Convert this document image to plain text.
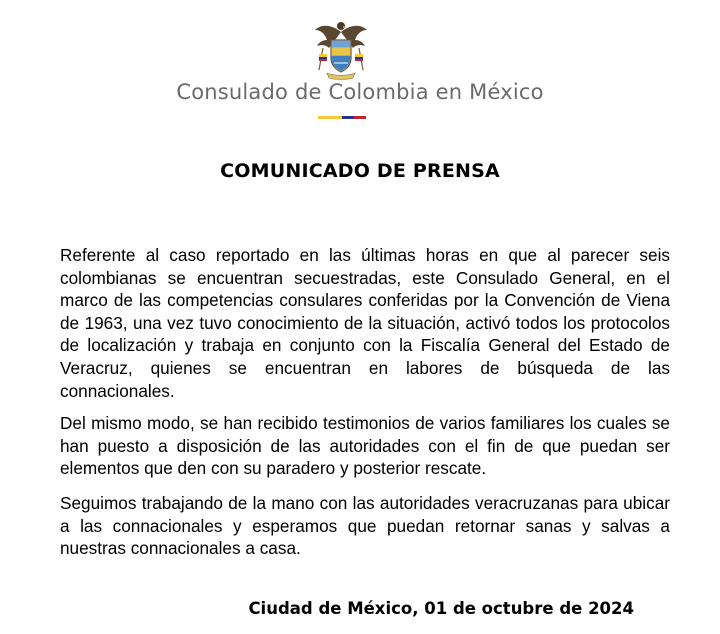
Consulado de Colombia en México
COMUNICADO DE PRENSA

Referente al caso reportado en las últimas horas en que al parecer seis colombianas se encuentran secuestradas, este Consulado General, en el marco de las competencias consulares conferidas por la Convención de Viena de 1963, una vez tuvo conocimiento de la situación, activó todos los protocolos de localización y trabaja en conjunto con la Fiscalía General del Estado de Veracruz, quienes se encuentran en labores de búsqueda de las connacionales.

Del mismo modo, se han recibido testimonios de varios familiares los cuales se han puesto a disposición de las autoridades con el fin de que puedan ser elementos que den con su paradero y posterior rescate.

Seguimos trabajando de la mano con las autoridades veracruzanas para ubicar a las connacionales y esperamos que puedan retornar sanas y salvas a nuestras connacionales a casa.

Ciudad de México, 01 de octubre de 2024
